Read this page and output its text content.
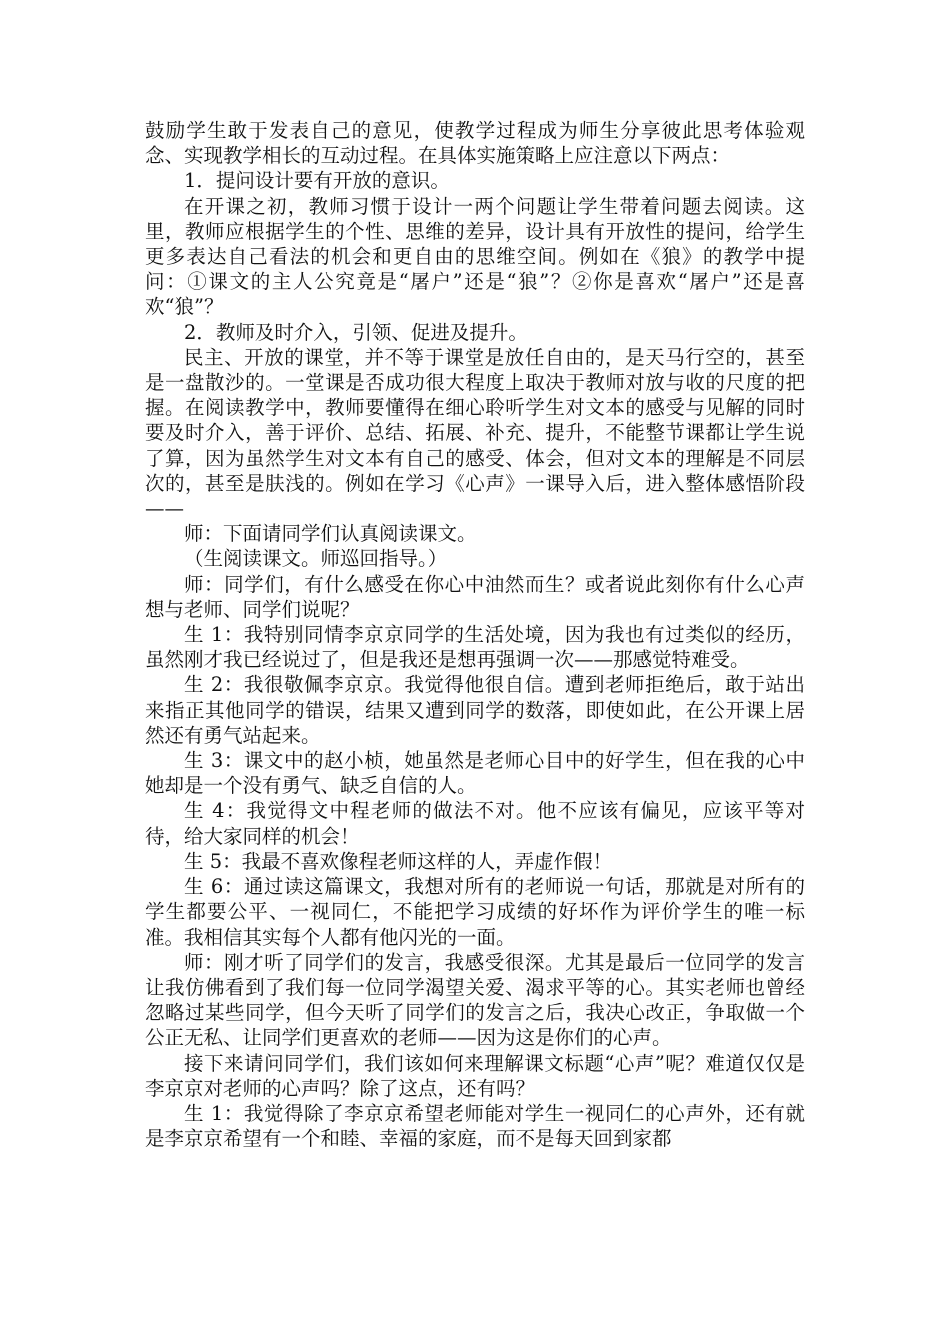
鼓励学生敢于发表自己的意见，使教学过程成为师生分享彼此思考体验观念、实现教学相长的互动过程。在具体实施策略上应注意以下两点：

1．提问设计要有开放的意识。

在开课之初，教师习惯于设计一两个问题让学生带着问题去阅读。这里，教师应根据学生的个性、思维的差异，设计具有开放性的提问，给学生更多表达自己看法的机会和更自由的思维空间。例如在《狼》的教学中提问：①课文的主人公究竟是“屠户”还是“狼”？②你是喜欢“屠户”还是喜欢“狼”？

2．教师及时介入，引领、促进及提升。

民主、开放的课堂，并不等于课堂是放任自由的，是天马行空的，甚至是一盘散沙的。一堂课是否成功很大程度上取决于教师对放与收的尺度的把握。在阅读教学中，教师要懂得在细心聆听学生对文本的感受与见解的同时要及时介入，善于评价、总结、拓展、补充、提升，不能整节课都让学生说了算，因为虽然学生对文本有自己的感受、体会，但对文本的理解是不同层次的，甚至是肤浅的。例如在学习《心声》一课导入后，进入整体感悟阶段——

师：下面请同学们认真阅读课文。

（生阅读课文。师巡回指导。）

师：同学们，有什么感受在你心中油然而生？或者说此刻你有什么心声想与老师、同学们说呢？

生 1：我特别同情李京京同学的生活处境，因为我也有过类似的经历，虽然刚才我已经说过了，但是我还是想再强调一次——那感觉特难受。

生 2：我很敬佩李京京。我觉得他很自信。遭到老师拒绝后，敢于站出来指正其他同学的错误，结果又遭到同学的数落，即使如此，在公开课上居然还有勇气站起来。

生 3：课文中的赵小桢，她虽然是老师心目中的好学生，但在我的心中她却是一个没有勇气、缺乏自信的人。

生 4：我觉得文中程老师的做法不对。他不应该有偏见，应该平等对待，给大家同样的机会！

生 5：我最不喜欢像程老师这样的人，弄虚作假！

生 6：通过读这篇课文，我想对所有的老师说一句话，那就是对所有的学生都要公平、一视同仁，不能把学习成绩的好坏作为评价学生的唯一标准。我相信其实每个人都有他闪光的一面。

师：刚才听了同学们的发言，我感受很深。尤其是最后一位同学的发言让我仿佛看到了我们每一位同学渴望关爱、渴求平等的心。其实老师也曾经忽略过某些同学，但今天听了同学们的发言之后，我决心改正，争取做一个公正无私、让同学们更喜欢的老师——因为这是你们的心声。

接下来请问同学们，我们该如何来理解课文标题“心声”呢？难道仅仅是李京京对老师的心声吗？除了这点，还有吗？

生 1：我觉得除了李京京希望老师能对学生一视同仁的心声外，还有就是李京京希望有一个和睦、幸福的家庭，而不是每天回到家都
